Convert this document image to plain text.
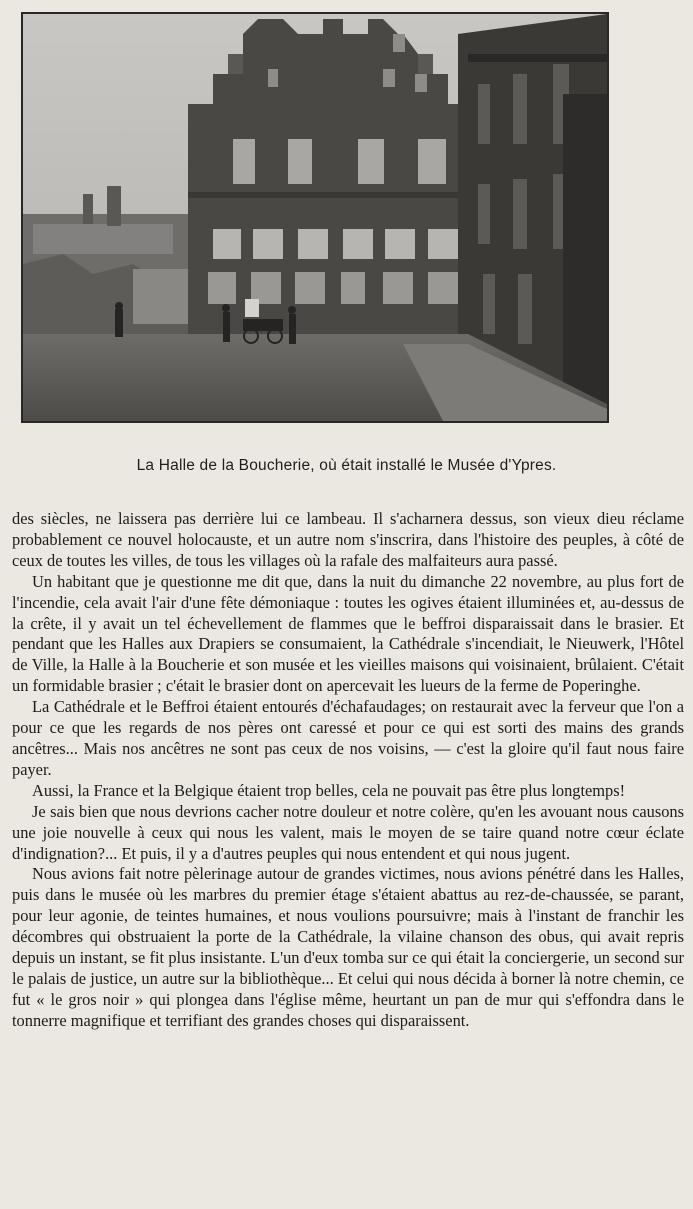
La Halle de la Boucherie, où était installé le Musée d'Ypres.

des siècles, ne laissera pas derrière lui ce lambeau. Il s'acharnera dessus, son vieux dieu réclame probablement ce nouvel holocauste, et un autre nom s'inscrira, dans l'histoire des peuples, à côté de ceux de toutes les villes, de tous les villages où la rafale des malfaiteurs aura passé.

Un habitant que je questionne me dit que, dans la nuit du dimanche 22 novembre, au plus fort de l'incendie, cela avait l'air d'une fête démoniaque : toutes les ogives étaient illuminées et, au-dessus de la crête, il y avait un tel échevellement de flammes que le beffroi disparaissait dans le brasier. Et pendant que les Halles aux Drapiers se consumaient, la Cathédrale s'incendiait, le Nieuwerk, l'Hôtel de Ville, la Halle à la Boucherie et son musée et les vieilles maisons qui voisinaient, brûlaient. C'était un formidable brasier ; c'était le brasier dont on apercevait les lueurs de la ferme de Poperinghe.

La Cathédrale et le Beffroi étaient entourés d'échafaudages; on restaurait avec la ferveur que l'on a pour ce que les regards de nos pères ont caressé et pour ce qui est sorti des mains des grands ancêtres... Mais nos ancêtres ne sont pas ceux de nos voisins, — c'est la gloire qu'il faut nous faire payer.

Aussi, la France et la Belgique étaient trop belles, cela ne pouvait pas être plus longtemps!

Je sais bien que nous devrions cacher notre douleur et notre colère, qu'en les avouant nous causons une joie nouvelle à ceux qui nous les valent, mais le moyen de se taire quand notre cœur éclate d'indignation?... Et puis, il y a d'autres peuples qui nous entendent et qui nous jugent.

Nous avions fait notre pèlerinage autour de grandes victimes, nous avions pénétré dans les Halles, puis dans le musée où les marbres du premier étage s'étaient abattus au rez-de-chaussée, se parant, pour leur agonie, de teintes humaines, et nous voulions poursuivre; mais à l'instant de franchir les décombres qui obstruaient la porte de la Cathédrale, la vilaine chanson des obus, qui avait repris depuis un instant, se fit plus insistante. L'un d'eux tomba sur ce qui était la conciergerie, un second sur le palais de justice, un autre sur la bibliothèque... Et celui qui nous décida à borner là notre chemin, ce fut « le gros noir » qui plongea dans l'église même, heurtant un pan de mur qui s'effondra dans le tonnerre magnifique et terrifiant des grandes choses qui disparaissent.
